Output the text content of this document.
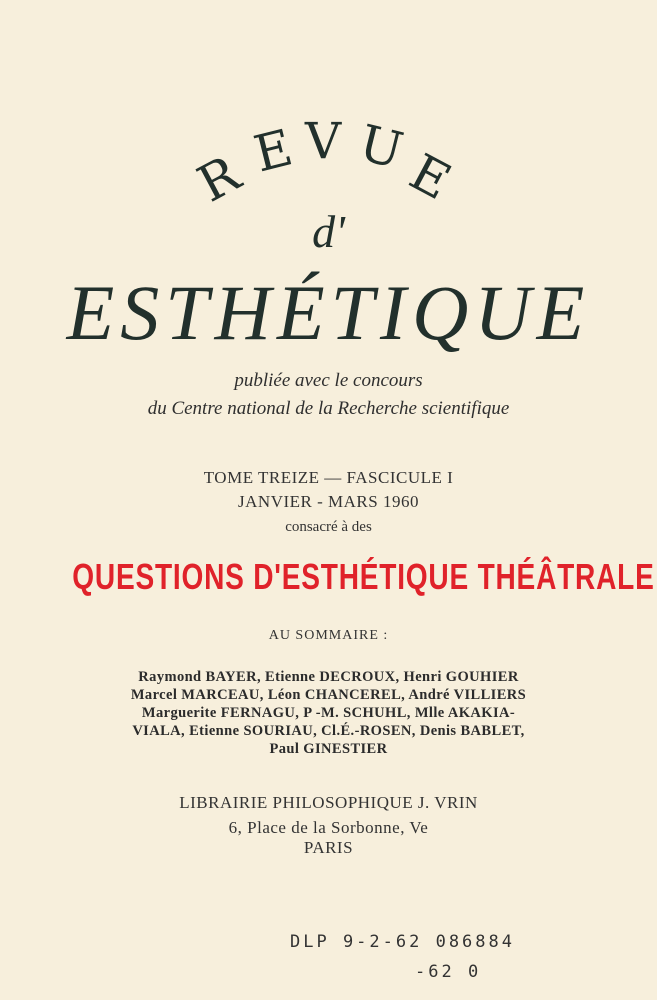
R E V U
E
d'
ESTHÉTIQUE
publiée avec le concours
du Centre national de la Recherche scientifique
TOME TREIZE — FASCICULE I
JANVIER - MARS 1960
consacré à des
QUESTIONS D'ESTHÉTIQUE THÉÂTRALE
AU SOMMAIRE :
Raymond BAYER, Etienne DECROUX, Henri GOUHIER
Marcel MARCEAU, Léon CHANCEREL, André VILLIERS
Marguerite FERNAGU, P -M. SCHUHL, Mlle AKAKIA-
VIALA, Etienne SOURIAU, Cl.É.-ROSEN, Denis BABLET,
Paul GINESTIER
LIBRAIRIE PHILOSOPHIQUE J. VRIN
6, Place de la Sorbonne, Ve
PARIS
DLP 9-2-62 086884
-62 0
